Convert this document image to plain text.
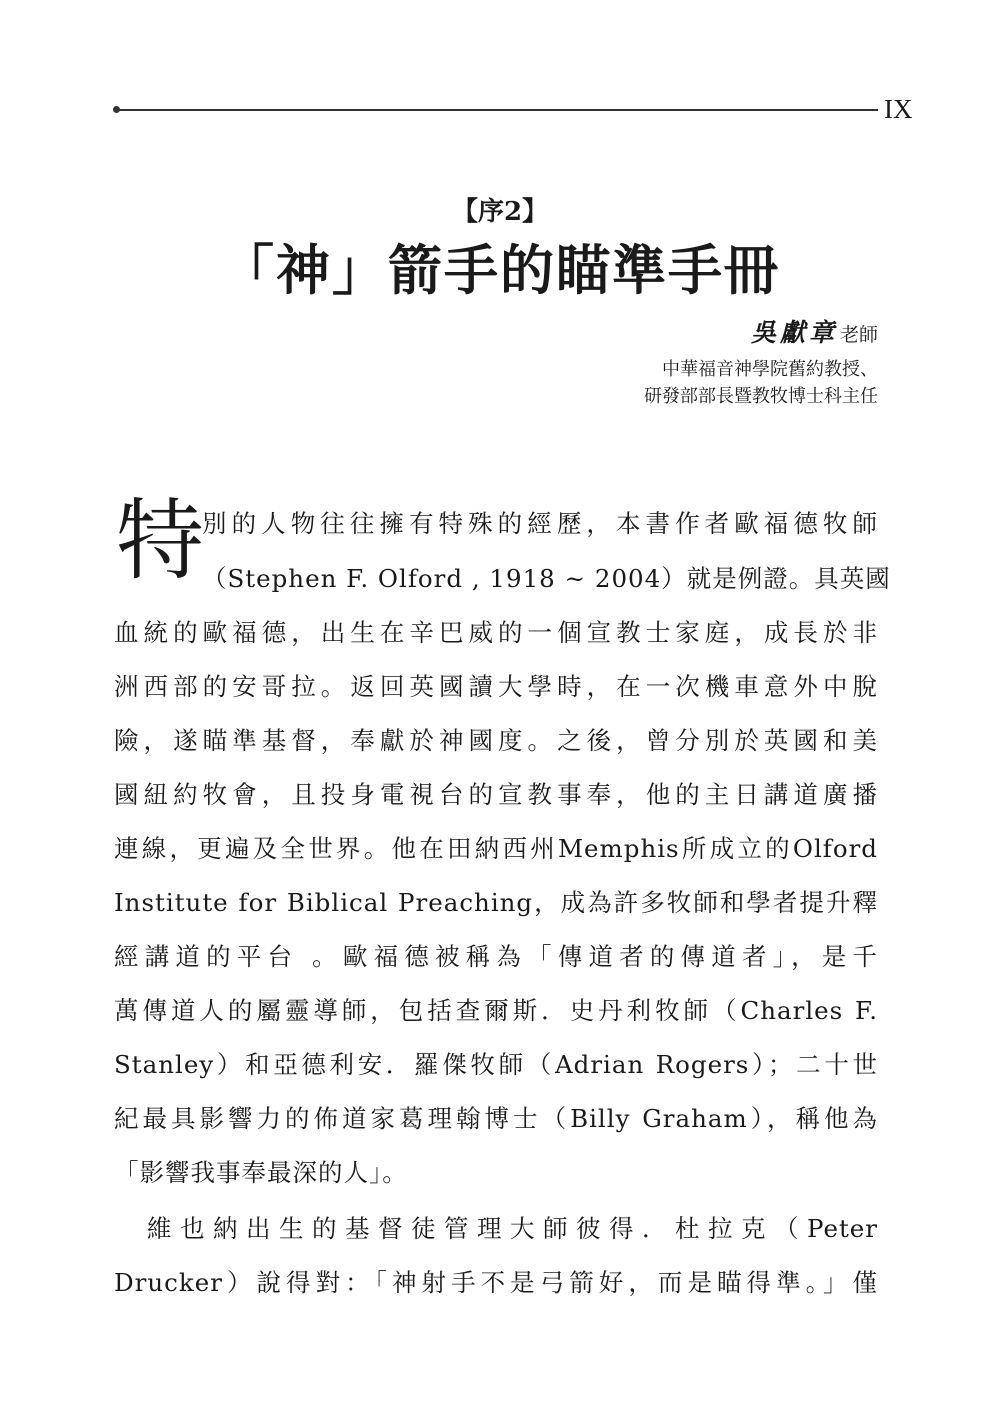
IX
【序2】
「神」箭手的瞄準手冊
吳獻章 老師
中華福音神學院舊約教授、
研發部部長暨教牧博士科主任
特
別的人物往往擁有特殊的經歷，本書作者歐福德牧師
（Stephen F. Olford , 1918 ~ 2004）就是例證。具英國
血統的歐福德，出生在辛巴威的一個宣教士家庭，成長於非
洲西部的安哥拉。返回英國讀大學時，在一次機車意外中脫
險，遂瞄準基督，奉獻於神國度。之後，曾分別於英國和美
國紐約牧會，且投身電視台的宣教事奉，他的主日講道廣播
連線，更遍及全世界。他在田納西州Memphis所成立的Olford
Institute for Biblical Preaching，成為許多牧師和學者提升釋
經講道的平台 。歐福德被稱為「傳道者的傳道者」，是千
萬傳道人的屬靈導師，包括查爾斯．史丹利牧師（Charles F.
Stanley）和亞德利安．羅傑牧師（Adrian Rogers）；二十世
紀最具影響力的佈道家葛理翰博士（Billy Graham），稱他為
「影響我事奉最深的人」。
　維也納出生的基督徒管理大師彼得．杜拉克（Peter
Drucker）說得對：「神射手不是弓箭好，而是瞄得準。」僅
